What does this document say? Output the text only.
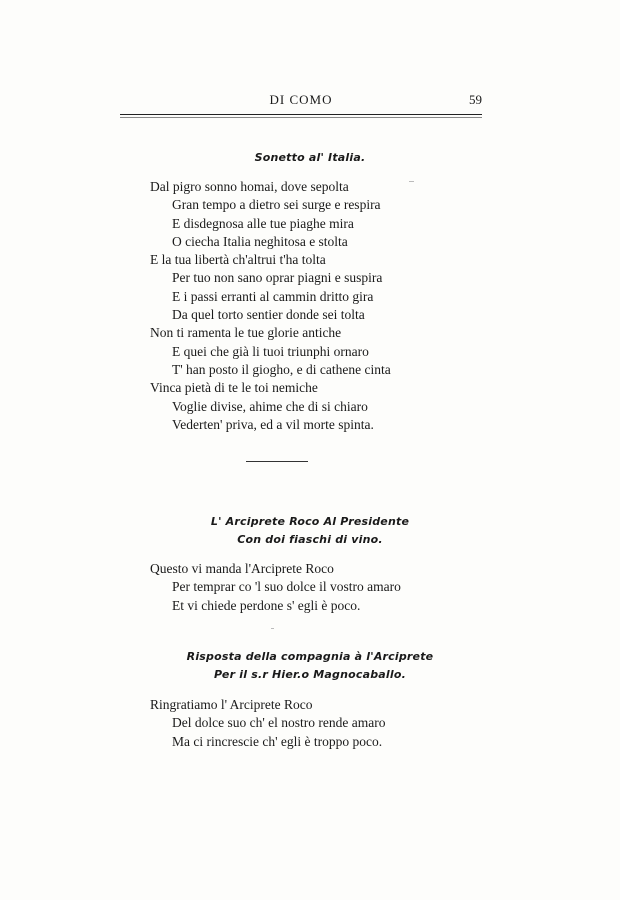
DI COMO	59
Sonetto al' Italia.
Dal pigro sonno homai, dove sepolta
Gran tempo a dietro sei surge e respira
E disdegnosa alle tue piaghe mira
O ciecha Italia neghitosa e stolta
E la tua libertà ch'altrui t'ha tolta
Per tuo non sano oprar piagni e suspira
E i passi erranti al cammin dritto gira
Da quel torto sentier donde sei tolta
Non ti ramenta le tue glorie antiche
E quei che già li tuoi triunphi ornaro
T' han posto il giogho, e di cathene cinta
Vinca pietà di te le toi nemiche
Voglie divise, ahime che di si chiaro
Vederten' priva, ed a vil morte spinta.
L' Arciprete Roco Al Presidente
Con doi fiaschi di vino.
Questo vi manda l'Arciprete Roco
Per temprar co 'l suo dolce il vostro amaro
Et vi chiede perdone s' egli è poco.
Risposta della compagnia à l'Arciprete
Per il s.r Hier.o Magnocaballo.
Ringratiamo l' Arciprete Roco
Del dolce suo ch' el nostro rende amaro
Ma ci rincrescie ch' egli è troppo poco.
